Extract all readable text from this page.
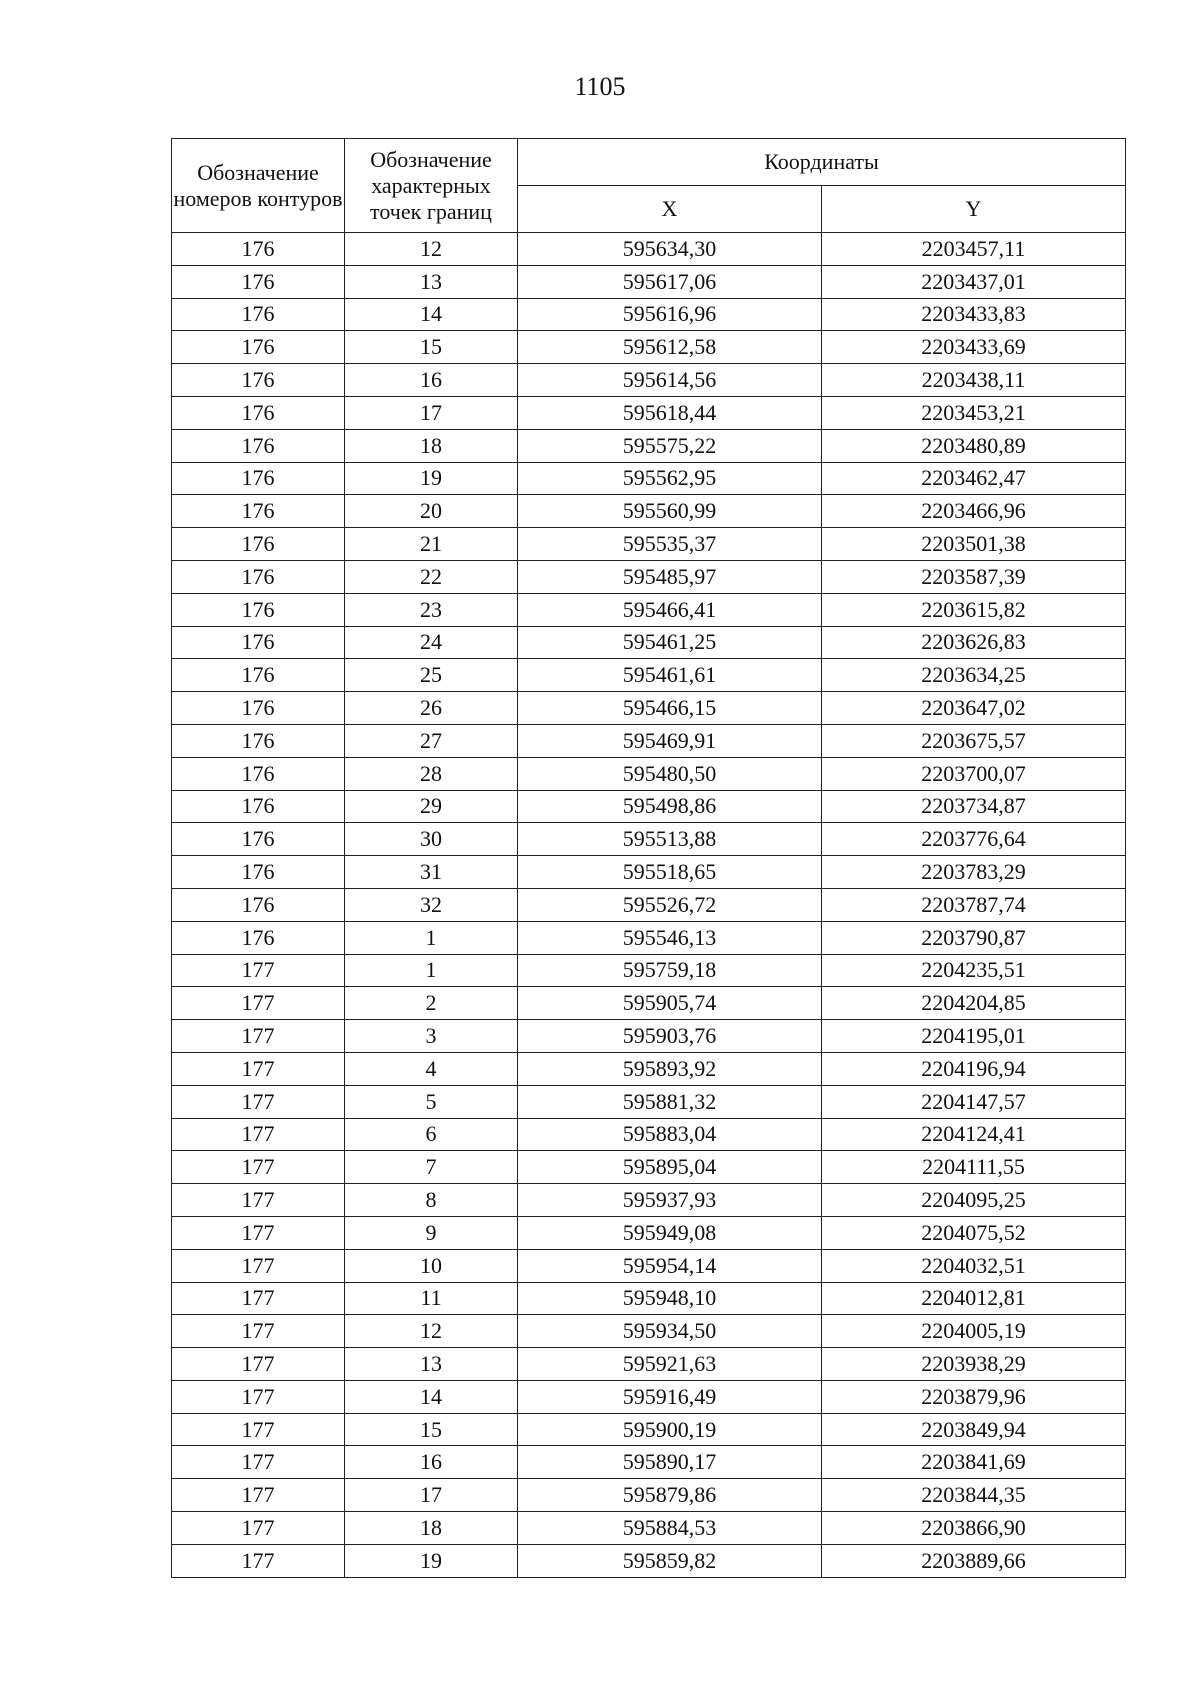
1105
Обозначение номеров контуров	Обозначение характерных точек границ	Координаты	
		X	Y
176	12	595634,30	2203457,11
176	13	595617,06	2203437,01
176	14	595616,96	2203433,83
176	15	595612,58	2203433,69
176	16	595614,56	2203438,11
176	17	595618,44	2203453,21
176	18	595575,22	2203480,89
176	19	595562,95	2203462,47
176	20	595560,99	2203466,96
176	21	595535,37	2203501,38
176	22	595485,97	2203587,39
176	23	595466,41	2203615,82
176	24	595461,25	2203626,83
176	25	595461,61	2203634,25
176	26	595466,15	2203647,02
176	27	595469,91	2203675,57
176	28	595480,50	2203700,07
176	29	595498,86	2203734,87
176	30	595513,88	2203776,64
176	31	595518,65	2203783,29
176	32	595526,72	2203787,74
176	1	595546,13	2203790,87
177	1	595759,18	2204235,51
177	2	595905,74	2204204,85
177	3	595903,76	2204195,01
177	4	595893,92	2204196,94
177	5	595881,32	2204147,57
177	6	595883,04	2204124,41
177	7	595895,04	2204111,55
177	8	595937,93	2204095,25
177	9	595949,08	2204075,52
177	10	595954,14	2204032,51
177	11	595948,10	2204012,81
177	12	595934,50	2204005,19
177	13	595921,63	2203938,29
177	14	595916,49	2203879,96
177	15	595900,19	2203849,94
177	16	595890,17	2203841,69
177	17	595879,86	2203844,35
177	18	595884,53	2203866,90
177	19	595859,82	2203889,66
